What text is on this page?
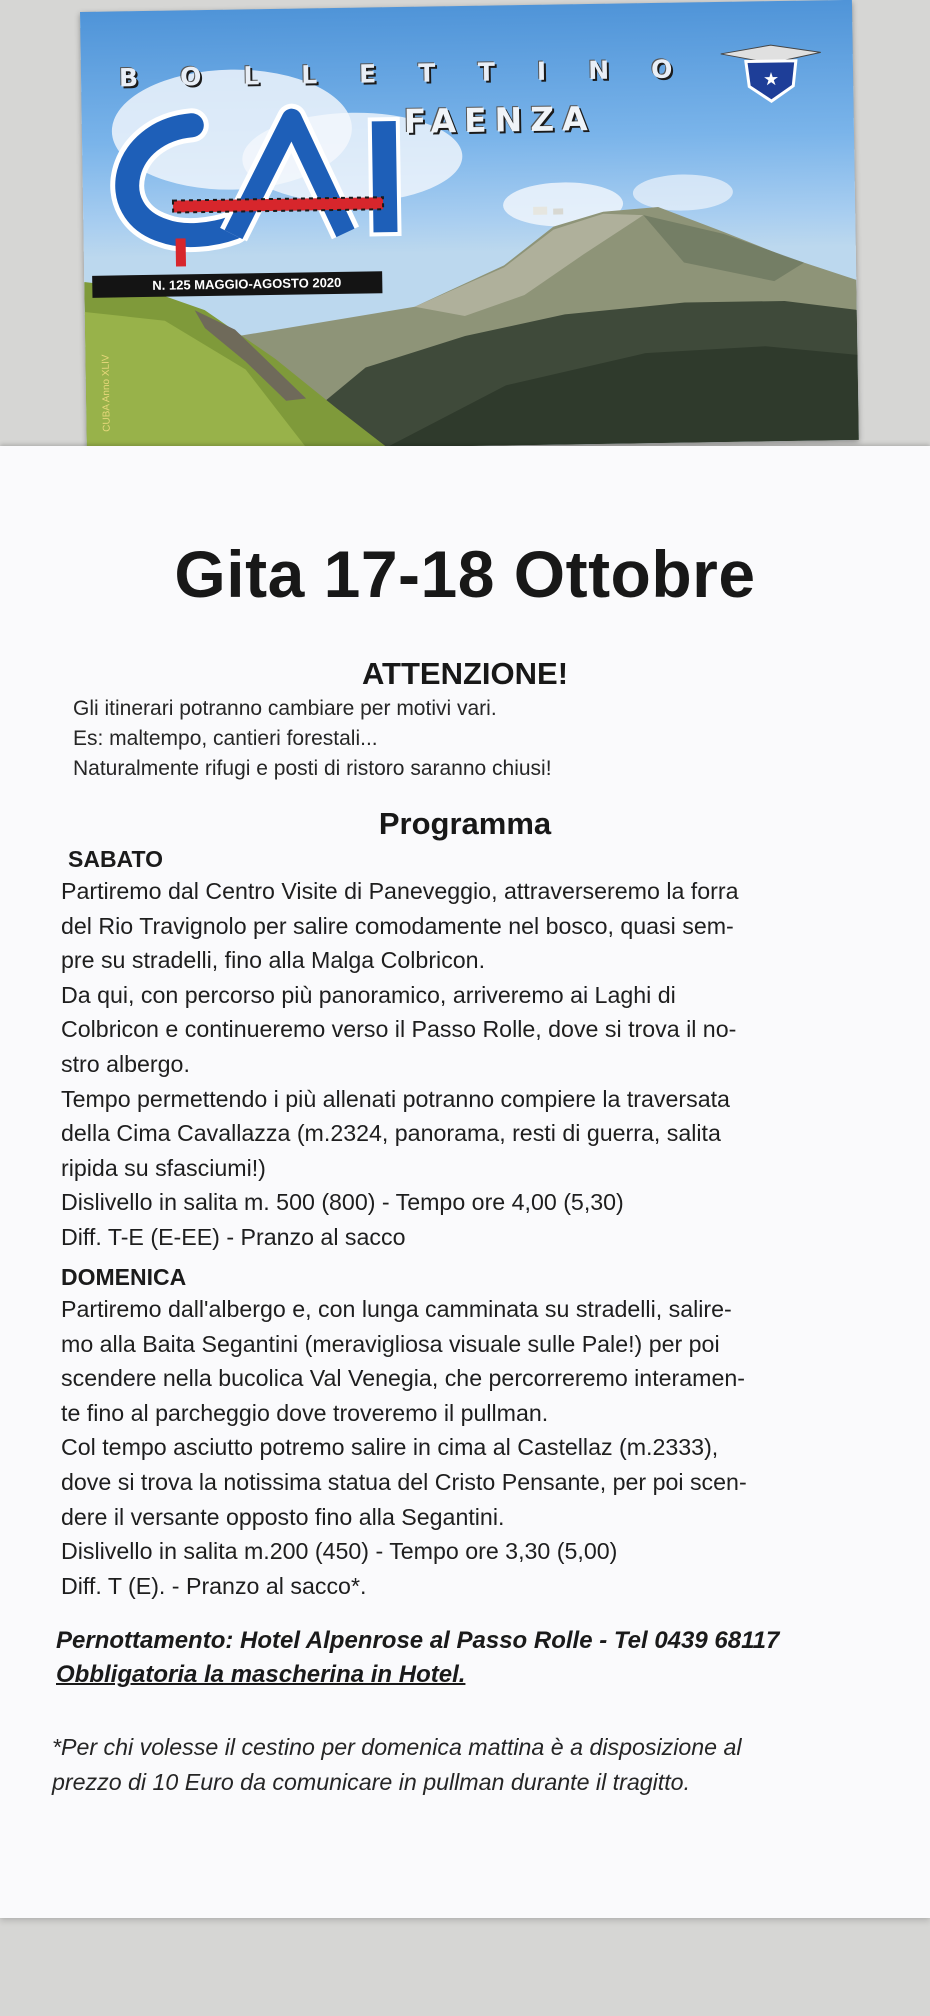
★
BOLLETTINO
FAENZA
N. 125 MAGGIO-AGOSTO 2020
CUBA Anno XLIV
Gita 17-18 Ottobre
ATTENZIONE!
Gli itinerari potranno cambiare per motivi vari.
Es: maltempo, cantieri forestali...
Naturalmente rifugi e posti di ristoro saranno chiusi!
Programma
SABATO
Partiremo dal Centro Visite di Paneveggio, attraverseremo la forra
del Rio Travignolo per salire comodamente nel bosco, quasi sem-
pre su stradelli, fino alla Malga Colbricon.
Da qui, con percorso più panoramico, arriveremo ai Laghi di
Colbricon e continueremo verso il Passo Rolle, dove si trova il no-
stro albergo.
Tempo permettendo i più allenati potranno compiere la traversata
della Cima Cavallazza (m.2324, panorama, resti di guerra, salita
ripida su sfasciumi!)
Dislivello in salita m. 500 (800) - Tempo ore 4,00 (5,30)
Diff. T-E (E-EE) - Pranzo al sacco
DOMENICA
Partiremo dall'albergo e, con lunga camminata su stradelli, salire-
mo alla Baita Segantini (meravigliosa visuale sulle Pale!) per poi
scendere nella bucolica Val Venegia, che percorreremo interamen-
te fino al parcheggio dove troveremo il pullman.
Col tempo asciutto potremo salire in cima al Castellaz (m.2333),
dove si trova la notissima statua del Cristo Pensante, per poi scen-
dere il versante opposto fino alla Segantini.
Dislivello in salita m.200 (450) - Tempo ore 3,30 (5,00)
Diff. T (E). - Pranzo al sacco*.
Pernottamento: Hotel Alpenrose al Passo Rolle - Tel 0439 68117
Obbligatoria la mascherina in Hotel.
*Per chi volesse il cestino per domenica mattina è a disposizione al
prezzo di 10 Euro da comunicare in pullman durante il tragitto.
